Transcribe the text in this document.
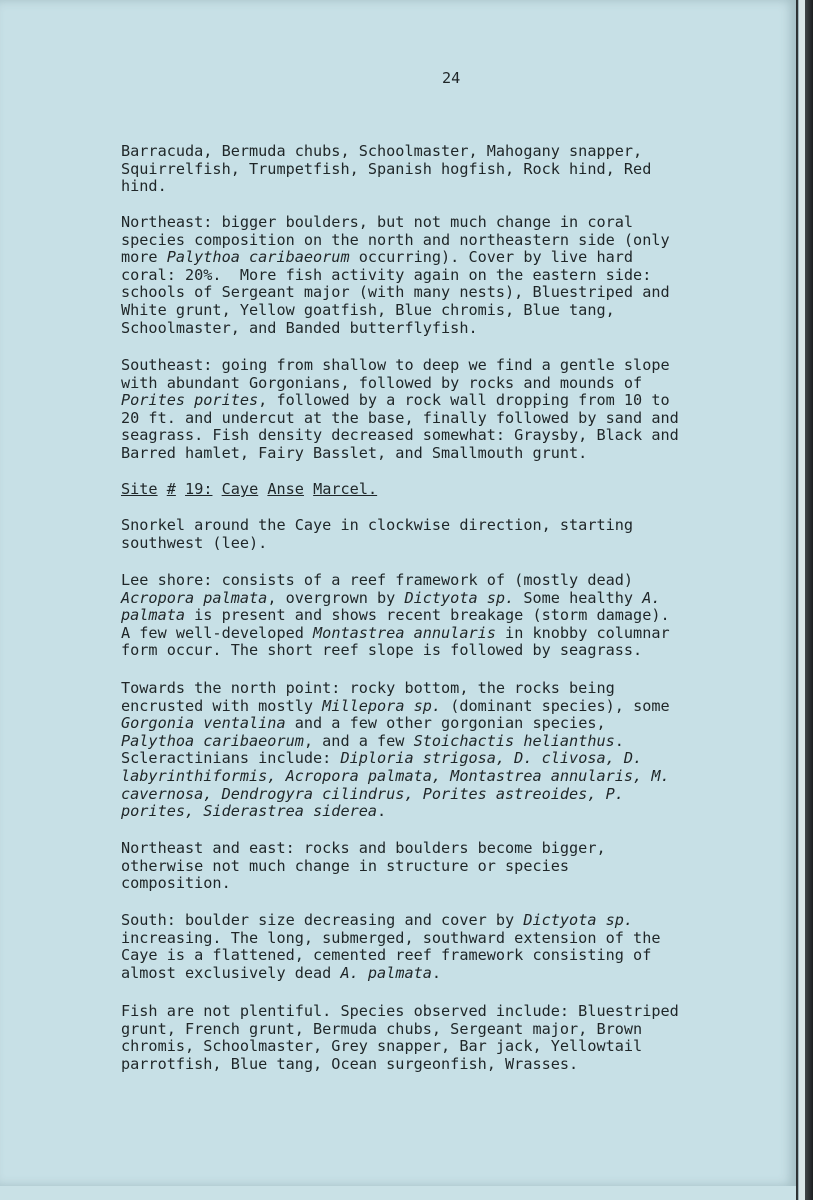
24
Barracuda, Bermuda chubs, Schoolmaster, Mahogany snapper,
Squirrelfish, Trumpetfish, Spanish hogfish, Rock hind, Red
hind.
Northeast: bigger boulders, but not much change in coral
species composition on the north and northeastern side (only
more Palythoa caribaeorum occurring). Cover by live hard
coral: 20%.  More fish activity again on the eastern side:
schools of Sergeant major (with many nests), Bluestriped and
White grunt, Yellow goatfish, Blue chromis, Blue tang,
Schoolmaster, and Banded butterflyfish.
Southeast: going from shallow to deep we find a gentle slope
with abundant Gorgonians, followed by rocks and mounds of
Porites porites, followed by a rock wall dropping from 10 to
20 ft. and undercut at the base, finally followed by sand and
seagrass. Fish density decreased somewhat: Graysby, Black and
Barred hamlet, Fairy Basslet, and Smallmouth grunt.
Site # 19: Caye Anse Marcel.
Snorkel around the Caye in clockwise direction, starting
southwest (lee).
Lee shore: consists of a reef framework of (mostly dead)
Acropora palmata, overgrown by Dictyota sp. Some healthy A.
palmata is present and shows recent breakage (storm damage).
A few well-developed Montastrea annularis in knobby columnar
form occur. The short reef slope is followed by seagrass.
Towards the north point: rocky bottom, the rocks being
encrusted with mostly Millepora sp. (dominant species), some
Gorgonia ventalina and a few other gorgonian species,
Palythoa caribaeorum, and a few Stoichactis helianthus.
Scleractinians include: Diploria strigosa, D. clivosa, D.
labyrinthiformis, Acropora palmata, Montastrea annularis, M.
cavernosa, Dendrogyra cilindrus, Porites astreoides, P.
porites, Siderastrea siderea.
Northeast and east: rocks and boulders become bigger,
otherwise not much change in structure or species
composition.
South: boulder size decreasing and cover by Dictyota sp.
increasing. The long, submerged, southward extension of the
Caye is a flattened, cemented reef framework consisting of
almost exclusively dead A. palmata.
Fish are not plentiful. Species observed include: Bluestriped
grunt, French grunt, Bermuda chubs, Sergeant major, Brown
chromis, Schoolmaster, Grey snapper, Bar jack, Yellowtail
parrotfish, Blue tang, Ocean surgeonfish, Wrasses.
